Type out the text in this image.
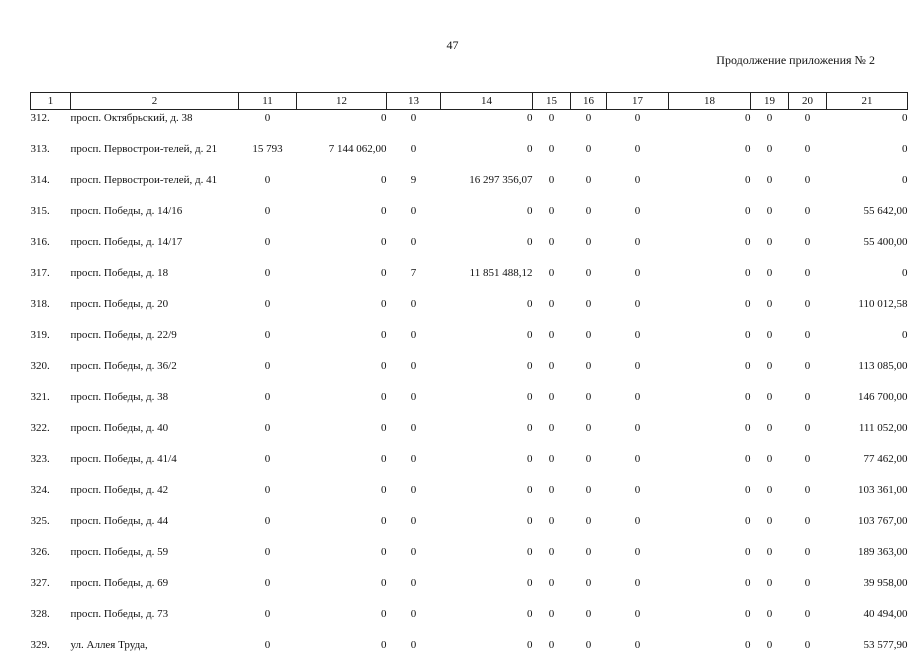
47
Продолжение приложения № 2
1	2	11	12	13	14	15	16	17	18	19	20	21
312.	просп. Октябрьский, д. 38	0	0	0	0	0	0	0	0	0	0	0
313.	просп. Первострои-телей, д. 21	15 793	7 144 062,00	0	0	0	0	0	0	0	0	0
314.	просп. Первострои-телей, д. 41	0	0	9	16 297 356,07	0	0	0	0	0	0	0
315.	просп. Победы, д. 14/16	0	0	0	0	0	0	0	0	0	0	55 642,00
316.	просп. Победы, д. 14/17	0	0	0	0	0	0	0	0	0	0	55 400,00
317.	просп. Победы, д. 18	0	0	7	11 851 488,12	0	0	0	0	0	0	0
318.	просп. Победы, д. 20	0	0	0	0	0	0	0	0	0	0	110 012,58
319.	просп. Победы, д. 22/9	0	0	0	0	0	0	0	0	0	0	0
320.	просп. Победы, д. 36/2	0	0	0	0	0	0	0	0	0	0	113 085,00
321.	просп. Победы, д. 38	0	0	0	0	0	0	0	0	0	0	146 700,00
322.	просп. Победы, д. 40	0	0	0	0	0	0	0	0	0	0	111 052,00
323.	просп. Победы, д. 41/4	0	0	0	0	0	0	0	0	0	0	77 462,00
324.	просп. Победы, д. 42	0	0	0	0	0	0	0	0	0	0	103 361,00
325.	просп. Победы, д. 44	0	0	0	0	0	0	0	0	0	0	103 767,00
326.	просп. Победы, д. 59	0	0	0	0	0	0	0	0	0	0	189 363,00
327.	просп. Победы, д. 69	0	0	0	0	0	0	0	0	0	0	39 958,00
328.	просп. Победы, д. 73	0	0	0	0	0	0	0	0	0	0	40 494,00
329.	ул. Аллея Труда,	0	0	0	0	0	0	0	0	0	0	53 577,90
